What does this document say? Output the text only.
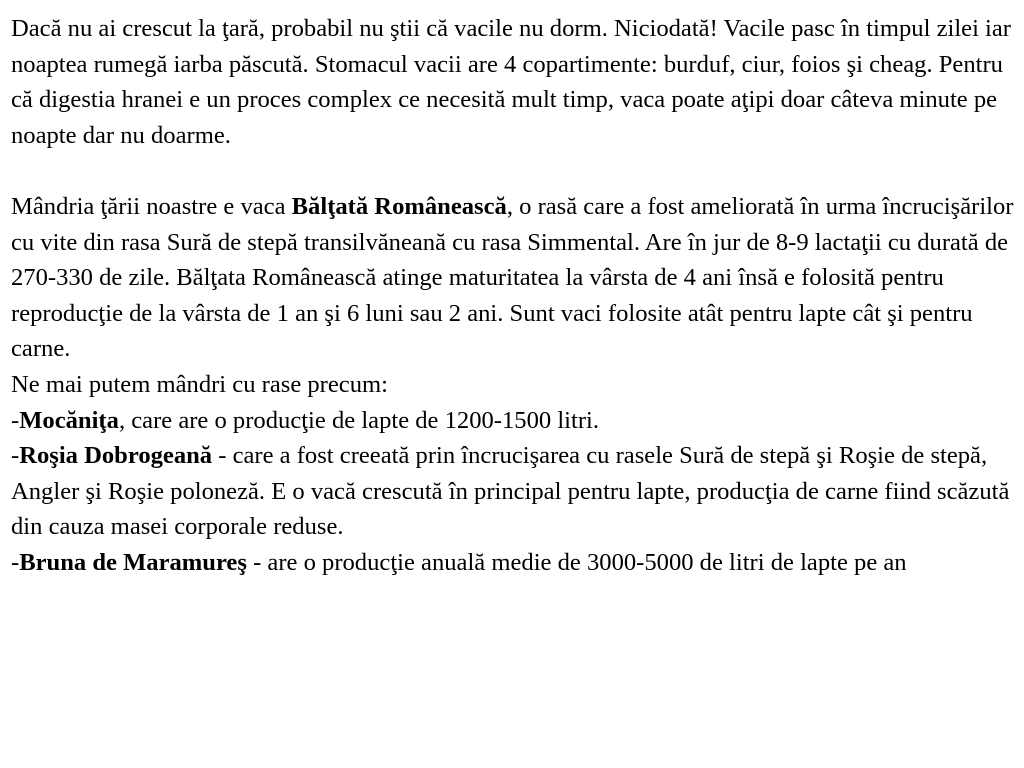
Dacă nu ai crescut la ţară, probabil nu ştii că vacile nu dorm. Niciodată! Vacile pasc în timpul zilei iar noaptea rumegă iarba păscută. Stomacul vacii are 4 copartimente: burduf, ciur, foios şi cheag. Pentru că digestia hranei e un proces complex ce necesită mult timp, vaca poate aţipi doar câteva minute pe noapte dar nu doarme.
Mândria ţării noastre e vaca Bălţată Românească, o rasă care a fost ameliorată în urma încrucişărilor cu vite din rasa Sură de stepă transilvăneană cu rasa Simmental. Are în jur de 8-9 lactaţii cu durată de 270-330 de zile. Bălţata Românească atinge maturitatea la vârsta de 4 ani însă e folosită pentru reproducţie de la vârsta de 1 an şi 6 luni sau 2 ani. Sunt vaci folosite atât pentru lapte cât şi pentru carne.
Ne mai putem mândri cu rase precum:
-Mocăniţa, care are o producţie de lapte de 1200-1500 litri.
-Roşia Dobrogeană - care a fost creeată prin încrucişarea cu rasele Sură de stepă şi Roşie de stepă, Angler şi Roşie poloneză. E o vacă crescută în principal pentru lapte, producţia de carne fiind scăzută din cauza masei corporale reduse.
-Bruna de Maramureş - are o producţie anuală medie de 3000-5000 de litri de lapte pe an
